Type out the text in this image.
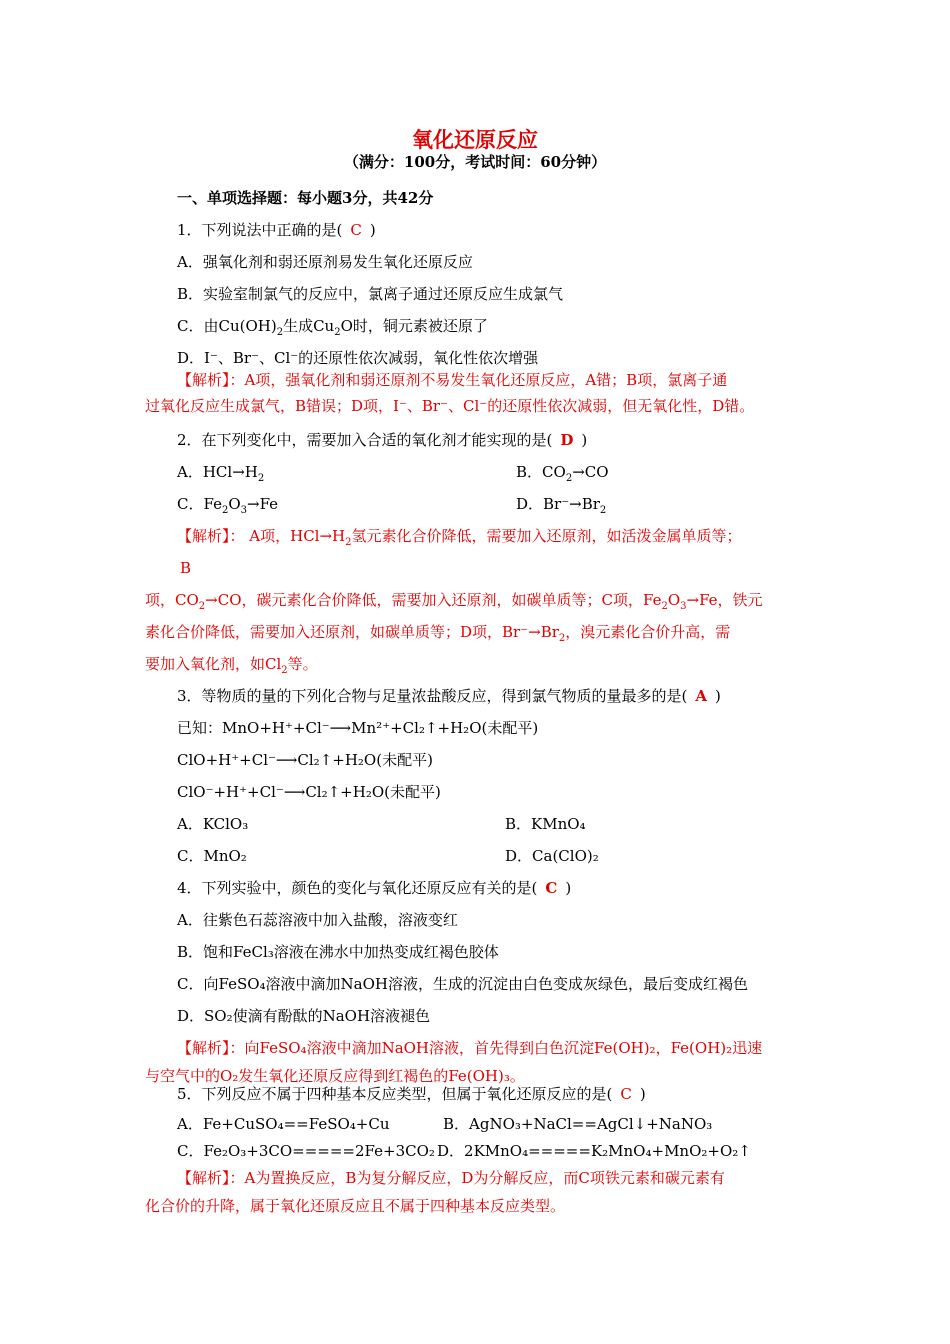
氧化还原反应
（满分：100分，考试时间：60分钟）
一、单项选择题：每小题3分，共42分
1．下列说法中正确的是( C )
A．强氧化剂和弱还原剂易发生氧化还原反应
B．实验室制氯气的反应中，氯离子通过还原反应生成氯气
C．由$Cu(OH)_2$生成$Cu_2O$时，铜元素被还原了
D．I⁻、Br⁻、Cl⁻的还原性依次减弱，氧化性依次增强
【解析】：A项，强氧化剂和弱还原剂不易发生氧化还原反应，A错；B项，氯离子通
过氧化反应生成氯气，B错误；D项，I⁻、Br⁻、Cl⁻的还原性依次减弱，但无氧化性，D错。
2．在下列变化中，需要加入合适的氧化剂才能实现的是( D )
A．$HCl\to H_2$	B．$CO_2\to CO$
C．$Fe_2O_3\to Fe$	D．$Br^-\to Br_2$
【解析】： A项，$HCl\to H_2$氢元素化合价降低，需要加入还原剂，如活泼金属单质等；
B
项，$CO_2\to CO$，碳元素化合价降低，需要加入还原剂，如碳单质等；C项，$Fe_2O_3\to Fe$，铁元
素化合价降低，需要加入还原剂，如碳单质等；D项，$Br^-\to Br_2$，溴元素化合价升高，需
要加入氧化剂，如$Cl_2$等。
3．等物质的量的下列化合物与足量浓盐酸反应，得到氯气物质的量最多的是( A )
已知：MnO+H⁺+Cl⁻⟶Mn²⁺+Cl₂↑+H₂O(未配平)
ClO+H⁺+Cl⁻⟶Cl₂↑+H₂O(未配平)
ClO⁻+H⁺+Cl⁻⟶Cl₂↑+H₂O(未配平)
A．KClO₃	B．KMnO₄
C．MnO₂	D．Ca(ClO)₂
4．下列实验中，颜色的变化与氧化还原反应有关的是( C )
A．往紫色石蕊溶液中加入盐酸，溶液变红
B．饱和FeCl₃溶液在沸水中加热变成红褐色胶体
C．向FeSO₄溶液中滴加NaOH溶液，生成的沉淀由白色变成灰绿色，最后变成红褐色
D．SO₂使滴有酚酞的NaOH溶液褪色
【解析】：向FeSO₄溶液中滴加NaOH溶液，首先得到白色沉淀Fe(OH)₂，Fe(OH)₂迅速
与空气中的O₂发生氧化还原反应得到红褐色的Fe(OH)₃。
5．下列反应不属于四种基本反应类型，但属于氧化还原反应的是( C )
A．Fe+CuSO₄==FeSO₄+Cu	B．AgNO₃+NaCl==AgCl↓+NaNO₃
C．Fe₂O₃+3CO=====2Fe+3CO₂ D．2KMnO₄=====K₂MnO₄+MnO₂+O₂↑
【解析】：A为置换反应，B为复分解反应，D为分解反应，而C项铁元素和碳元素有
化合价的升降，属于氧化还原反应且不属于四种基本反应类型。
